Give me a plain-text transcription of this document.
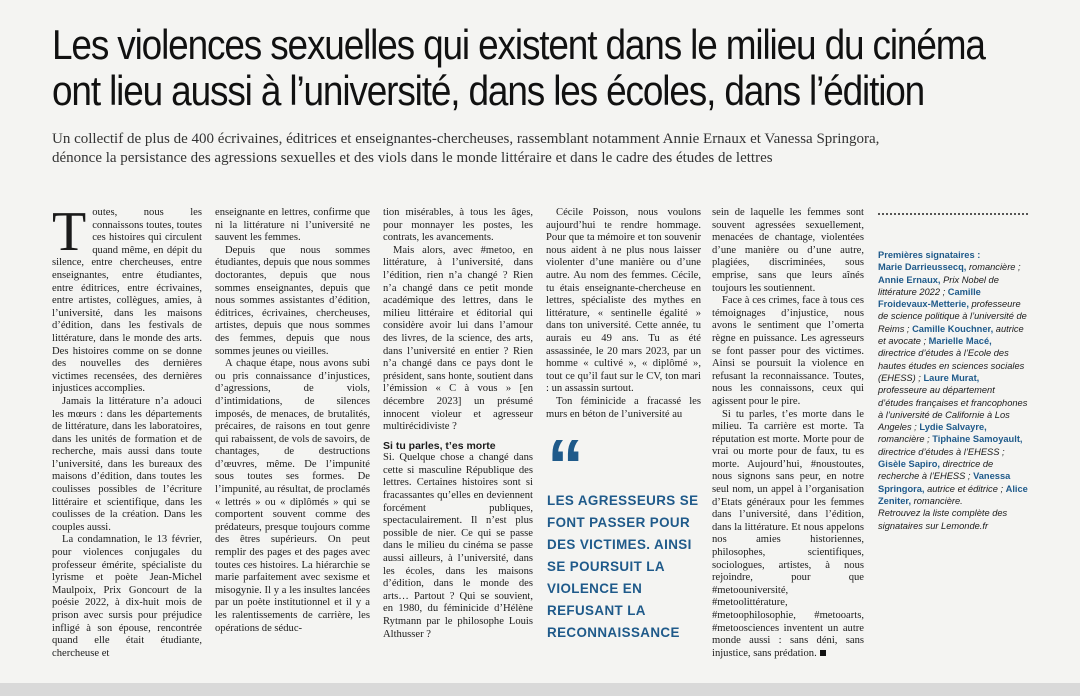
Les violences sexuelles qui existent dans le milieu du cinéma
ont lieu aussi à l’université, dans les écoles, dans l’édition

Un collectif de plus de 400 écrivaines, éditrices et enseignantes-chercheuses, rassemblant notamment Annie Ernaux et Vanessa Springora, dénonce la persistance des agressions sexuelles et des viols dans le monde littéraire et dans le cadre des études de lettres

Toutes, nous les connaissons toutes, toutes ces histoires qui circulent quand même, en dépit du silence, entre chercheuses, entre enseignantes, entre étudiantes, entre éditrices, entre écrivaines, entre artistes, collègues, amies, à l’université, dans les maisons d’édition, dans les festivals de littérature, dans le monde des arts. Des histoires comme on se donne des nouvelles des dernières victimes recensées, des dernières injustices accomplies.

Jamais la littérature n’a adouci les mœurs : dans les départements de littérature, dans les laboratoires, dans les unités de formation et de recherche, mais aussi dans toute l’université, dans les bureaux des maisons d’édition, dans toutes les coulisses possibles de l’écriture littéraire et scientifique, dans les coulisses de la création. Dans les couples aussi.

La condamnation, le 13 février, pour violences conjugales du professeur émérite, spécialiste du lyrisme et poète Jean-Michel Maulpoix, Prix Goncourt de la poésie 2022, à dix-huit mois de prison avec sursis pour préjudice infligé à son épouse, rencontrée quand elle était étudiante, chercheuse et

enseignante en lettres, confirme que ni la littérature ni l’université ne sauvent les femmes.

Depuis que nous sommes étudiantes, depuis que nous sommes doctorantes, depuis que nous sommes enseignantes, depuis que nous sommes assistantes d’édition, éditrices, écrivaines, chercheuses, artistes, depuis que nous sommes des femmes, depuis que nous sommes jeunes ou vieilles.

A chaque étape, nous avons subi ou pris connaissance d’injustices, d’agressions, de viols, d’intimidations, de silences imposés, de menaces, de brutalités, précaires, de raisons en tout genre qui rabaissent, de vols de savoirs, de chantages, de destructions d’œuvres, même. De l’impunité sous toutes ses formes. De l’impunité, au résultat, de proclamés « lettrés » ou « diplômés » qui se comportent souvent comme des prédateurs, presque toujours comme des êtres supérieurs. On peut remplir des pages et des pages avec toutes ces histoires. La hiérarchie se marie parfaitement avec sexisme et misogynie. Il y a les insultes lancées par un poète institutionnel et il y a les ralentissements de carrière, les opérations de séduc-

tion misérables, à tous les âges, pour monnayer les postes, les contrats, les avancements.

Mais alors, avec #metoo, en littérature, à l’université, dans l’édition, rien n’a changé ? Rien n’a changé dans ce petit monde académique des lettres, dans le milieu littéraire et éditorial qui considère avoir lui dans l’amour des livres, de la science, des arts, dans l’université en entier ? Rien n’a changé dans ce pays dont le président, sans honte, soutient dans l’émission « C à vous » [en décembre 2023] un présumé innocent violeur et agresseur multirécidiviste ?

Si tu parles, t’es morte

Si. Quelque chose a changé dans cette si masculine République des lettres. Certaines histoires sont si fracassantes qu’elles en deviennent forcément publiques, spectaculairement. Il n’est plus possible de nier. Ce qui se passe dans le milieu du cinéma se passe aussi ailleurs, à l’université, dans les écoles, dans les maisons d’édition, dans le monde des arts… Partout ? Qui se souvient, en 1980, du féminicide d’Hélène Rytmann par le philosophe Louis Althusser ?

Cécile Poisson, nous voulons aujourd’hui te rendre hommage. Pour que ta mémoire et ton souvenir nous aident à ne plus nous laisser violenter d’une manière ou d’une autre. Au nom des femmes. Cécile, tu étais enseignante-chercheuse en lettres, spécialiste des mythes en littérature, « sentinelle égalité » dans ton université. Cette année, tu aurais eu 49 ans. Tu as été assassinée, le 20 mars 2023, par un homme « cultivé », « diplômé », tout ce qu’il faut sur le CV, ton mari : un assassin surtout.

Ton féminicide a fracassé les murs en béton de l’université au

“
LES AGRESSEURS SE FONT PASSER POUR DES VICTIMES. AINSI SE POURSUIT LA VIOLENCE EN REFUSANT LA RECONNAISSANCE

sein de laquelle les femmes sont souvent agressées sexuellement, menacées de chantage, violentées d’une manière ou d’une autre, plagiées, discriminées, sous emprise, sans que leurs aînés toujours les soutiennent.

Face à ces crimes, face à tous ces témoignages d’injustice, nous avons le sentiment que l’omerta règne en puissance. Les agresseurs se font passer pour des victimes. Ainsi se poursuit la violence en refusant la reconnaissance. Toutes, nous les connaissons, ceux qui agissent pour le pire.

Si tu parles, t’es morte dans le milieu. Ta carrière est morte. Ta réputation est morte. Morte pour de vrai ou morte pour de faux, tu es morte. Aujourd’hui, #noustoutes, nous signons sans peur, en notre seul nom, un appel à l’organisation d’Etats généraux pour les femmes dans l’université, dans l’édition, dans la littérature. Et nous appelons nos amies historiennes, philosophes, scientifiques, sociologues, artistes, à nous rejoindre, pour que #metoouniversité, #metoolittérature, #metoophilosophie, #metooarts, #metoosciences inventent un autre monde aussi : sans déni, sans injustice, sans prédation.

Premières signataires :
Marie Darrieussecq, romancière ; Annie Ernaux, Prix Nobel de littérature 2022 ; Camille Froidevaux-Metterie, professeure de science politique à l’université de Reims ; Camille Kouchner, autrice et avocate ; Marielle Macé, directrice d’études à l’Ecole des hautes études en sciences sociales (EHESS) ; Laure Murat, professeure au département d’études françaises et francophones à l’université de Californie à Los Angeles ; Lydie Salvayre, romancière ; Tiphaine Samoyault, directrice d’études à l’EHESS ; Gisèle Sapiro, directrice de recherche à l’EHESS ; Vanessa Springora, autrice et éditrice ; Alice Zeniter, romancière.
Retrouvez la liste complète des signataires sur Lemonde.fr
